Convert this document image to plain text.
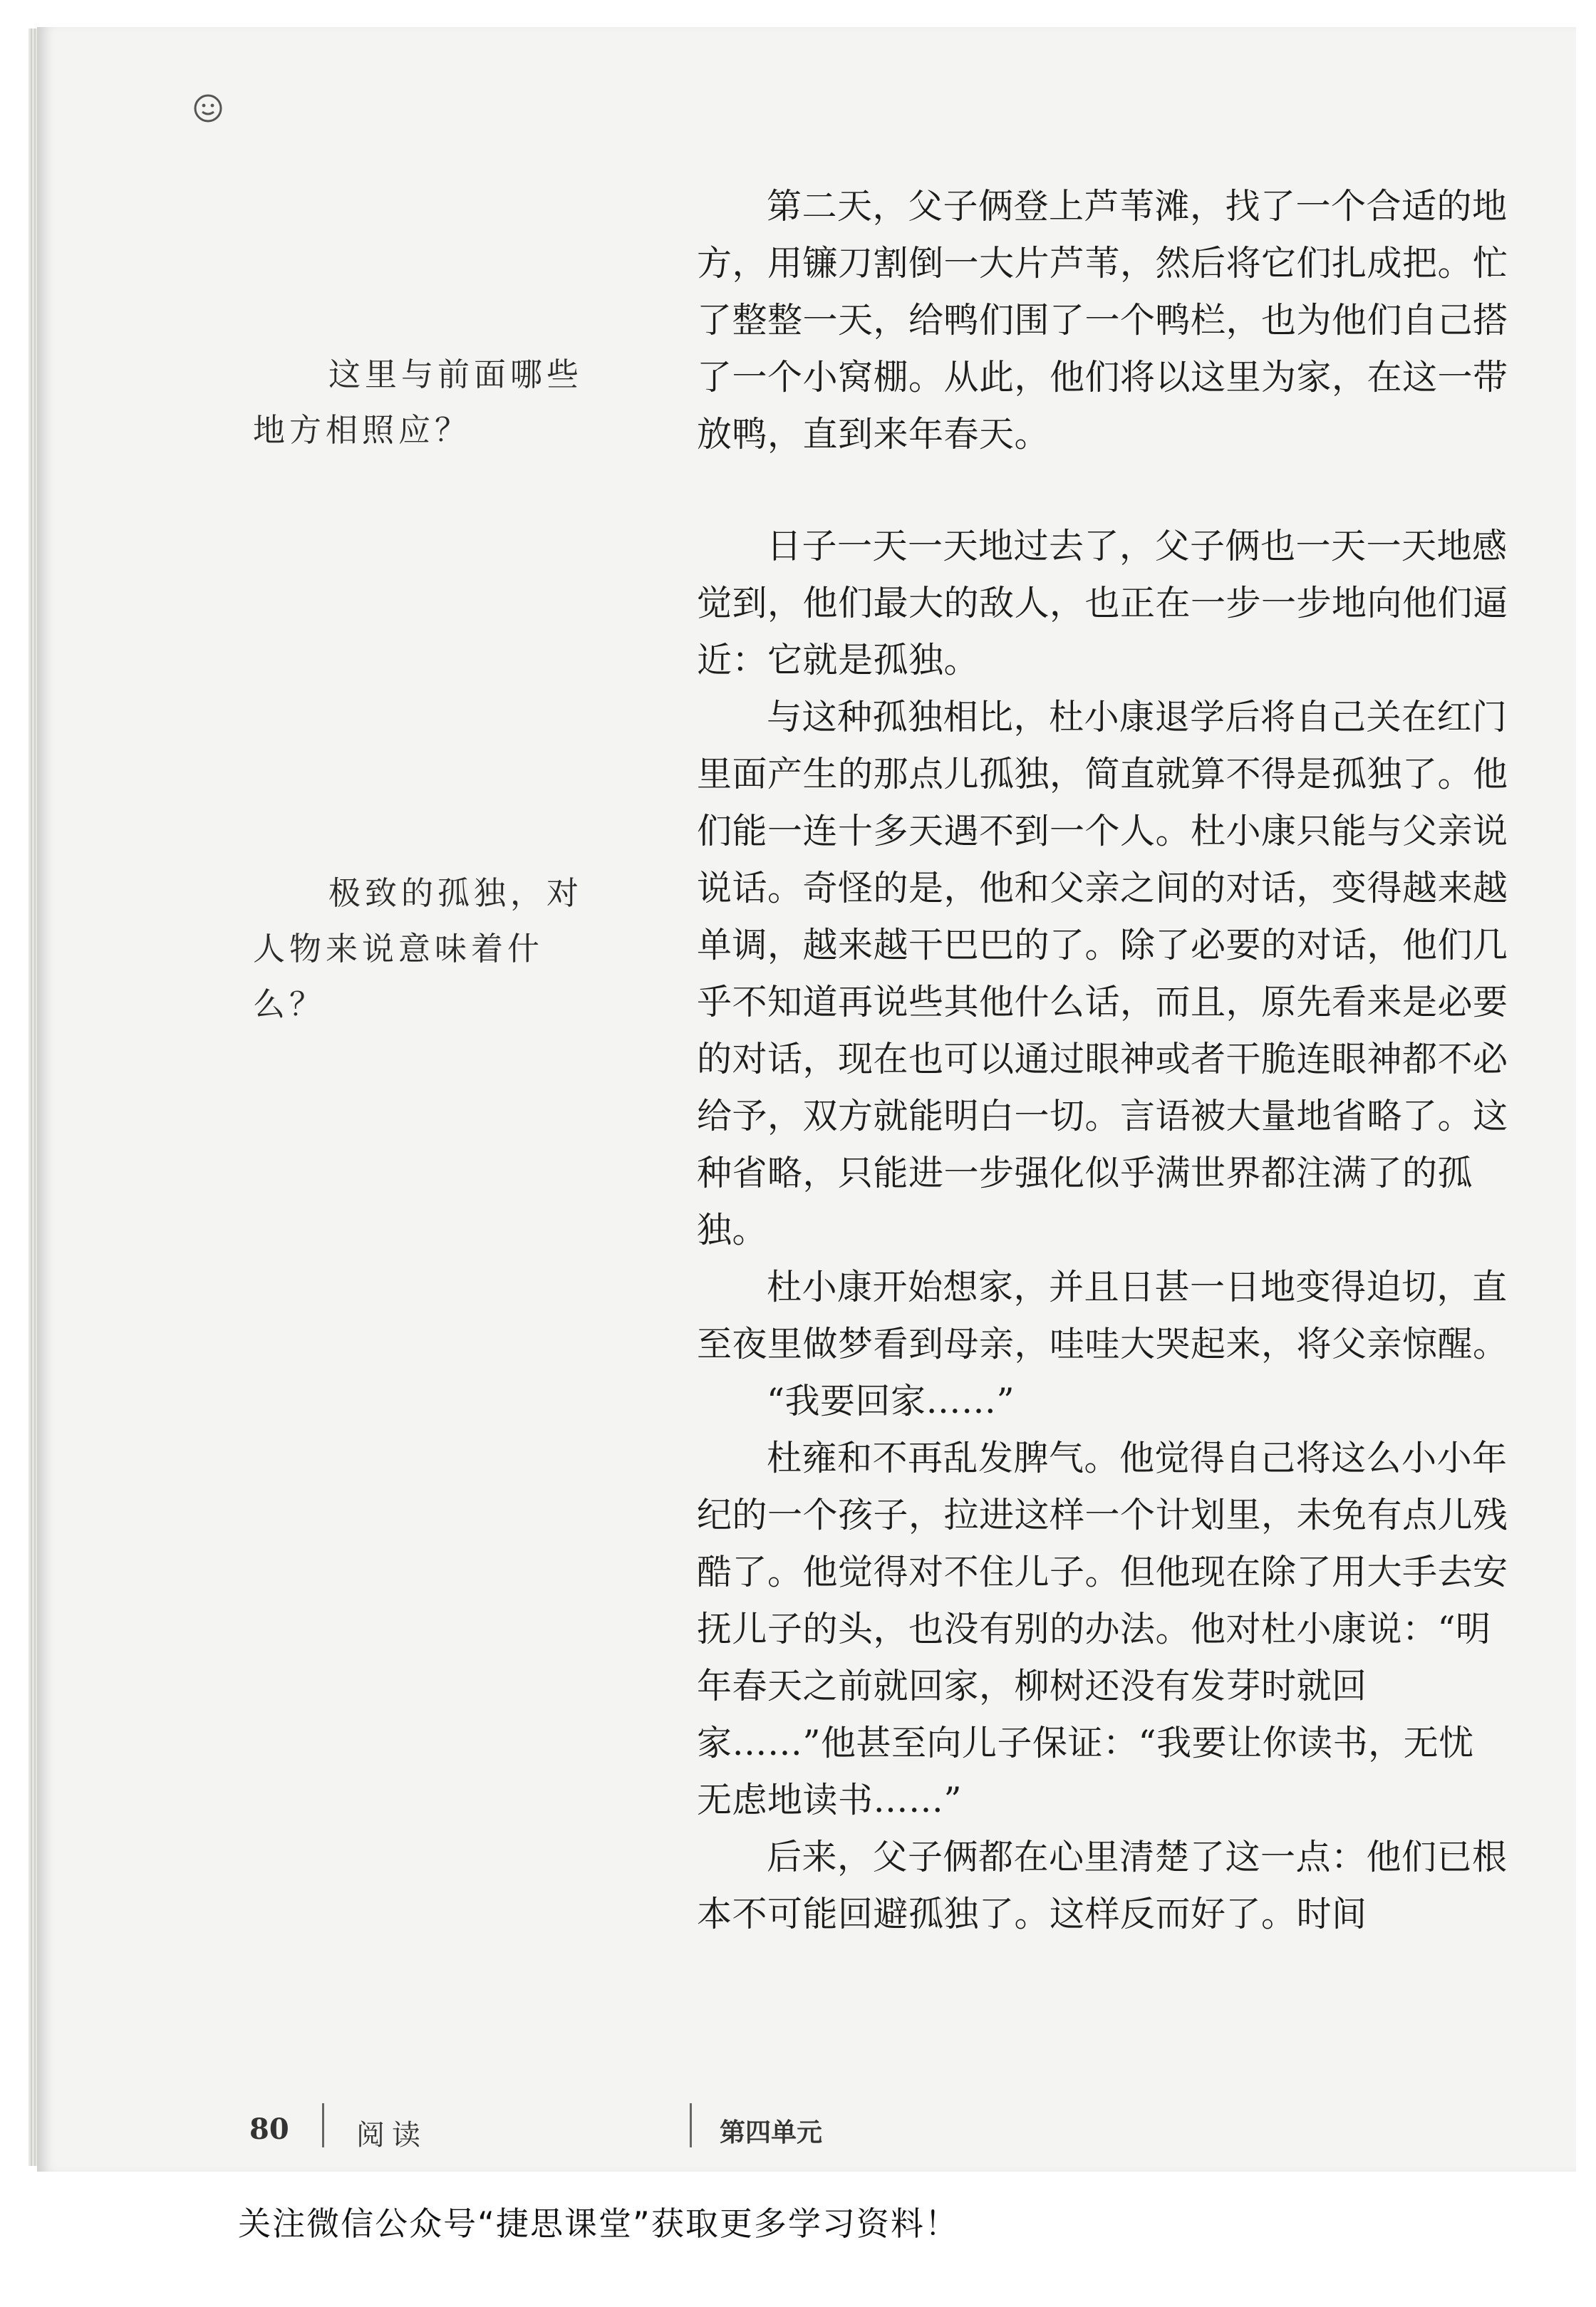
这里与前面哪些地方相照应？
极致的孤独，对人物来说意味着什么？

第二天，父子俩登上芦苇滩，找了一个合适的地方，用镰刀割倒一大片芦苇，然后将它们扎成把。忙了整整一天，给鸭们围了一个鸭栏，也为他们自己搭了一个小窝棚。从此，他们将以这里为家，在这一带放鸭，直到来年春天。

日子一天一天地过去了，父子俩也一天一天地感觉到，他们最大的敌人，也正在一步一步地向他们逼近：它就是孤独。

与这种孤独相比，杜小康退学后将自己关在红门里面产生的那点儿孤独，简直就算不得是孤独了。他们能一连十多天遇不到一个人。杜小康只能与父亲说说话。奇怪的是，他和父亲之间的对话，变得越来越单调，越来越干巴巴的了。除了必要的对话，他们几乎不知道再说些其他什么话，而且，原先看来是必要的对话，现在也可以通过眼神或者干脆连眼神都不必给予，双方就能明白一切。言语被大量地省略了。这种省略，只能进一步强化似乎满世界都注满了的孤独。

杜小康开始想家，并且日甚一日地变得迫切，直至夜里做梦看到母亲，哇哇大哭起来，将父亲惊醒。

“我要回家……”

杜雍和不再乱发脾气。他觉得自己将这么小小年纪的一个孩子，拉进这样一个计划里，未免有点儿残酷了。他觉得对不住儿子。但他现在除了用大手去安抚儿子的头，也没有别的办法。他对杜小康说：“明年春天之前就回家，柳树还没有发芽时就回家……”他甚至向儿子保证：“我要让你读书，无忧无虑地读书……”

后来，父子俩都在心里清楚了这一点：他们已根本不可能回避孤独了。这样反而好了。时间

80 阅读	第四单元
关注微信公众号“捷思课堂”获取更多学习资料！
